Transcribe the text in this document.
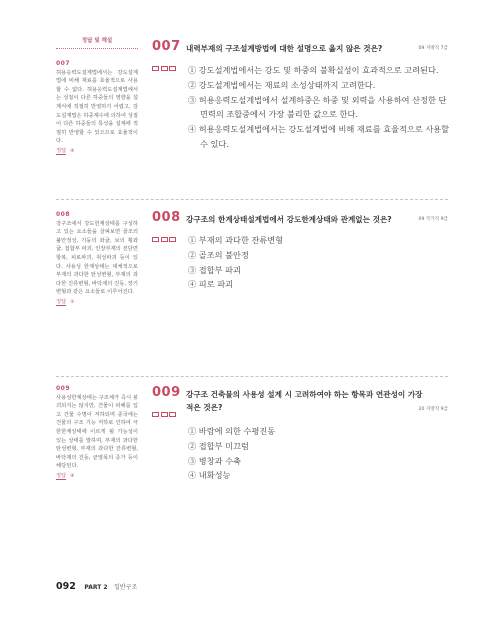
정답 및 해설
007
허용응력도설계법에서는 강도설계법에 비해 재료를 효율적으로 사용할 수 없다. 허용응력도설계법에서는 성질이 다른 하중들의 영향을 설계식에 적절히 반영하기 어렵고, 강도설계법은 하중계수에 의하여 성질이 다른 하중들의 특성을 설계에 적절히 반영할 수 있으므로 효율적이다.
정답 ④
008
강구조에서 강도한계상태를 구성하고 있는 요소들을 살펴보면 골조의 불안정성, 기둥의 좌굴, 보의 횡좌굴, 접합부 파괴, 인장부재의 전단면 항복, 피로파괴, 취성파괴 등이 있다. 사용성 한계상태는 대체적으로 부재의 과다한 탄성변형, 부재의 과다한 진류변형, 바닥재의 진동, 장기변형과 같은 요소들로 이루어진다.
정답 ①
009
사용성한계상태는 구조체가 즉시 붕괴되지는 않지만, 건물이 피해를 입고 건물 수명이 저하되며 종국에는 건물의 구조 기능 저하로 인하여 극한한계상태에 이르게 될 가능성이 있는 상태를 말하며, 부재의 과다한 탄성변형, 부재의 과다한 잔류변형, 바닥재의 진동, 균열폭의 증가 등이 해당된다.
정답 ④
007 내력부재의 구조설계방법에 대한 설명으로 옳지 않은 것은?	09 지방직 7급
① 강도설계법에서는 강도 및 하중의 불확실성이 효과적으로 고려된다.
② 강도설계법에서는 재료의 소성상태까지 고려한다.
③ 허용응력도설계법에서 설계하중은 하중 및 외력을 사용하여 산정한 단면력의 조합중에서 가장 불리한 값으로 한다.
④ 허용응력도설계법에서는 강도설계법에 비해 재료를 효율적으로 사용할 수 있다.
008 강구조의 한계상태설계법에서 강도한계상태와 관계없는 것은?	09 국가직 9급
① 부재의 과다한 잔류변형
② 골조의 불안정
③ 접합부 파괴
④ 피로 파괴
009 강구조 건축물의 사용성 설계 시 고려하여야 하는 항목과 연관성이 가장 적은 것은?	20 지방직 9급
① 바람에 의한 수평진동
② 접합부 미끄럼
③ 병창과 수축
④ 내화성능
092 PART 2 일반구조
